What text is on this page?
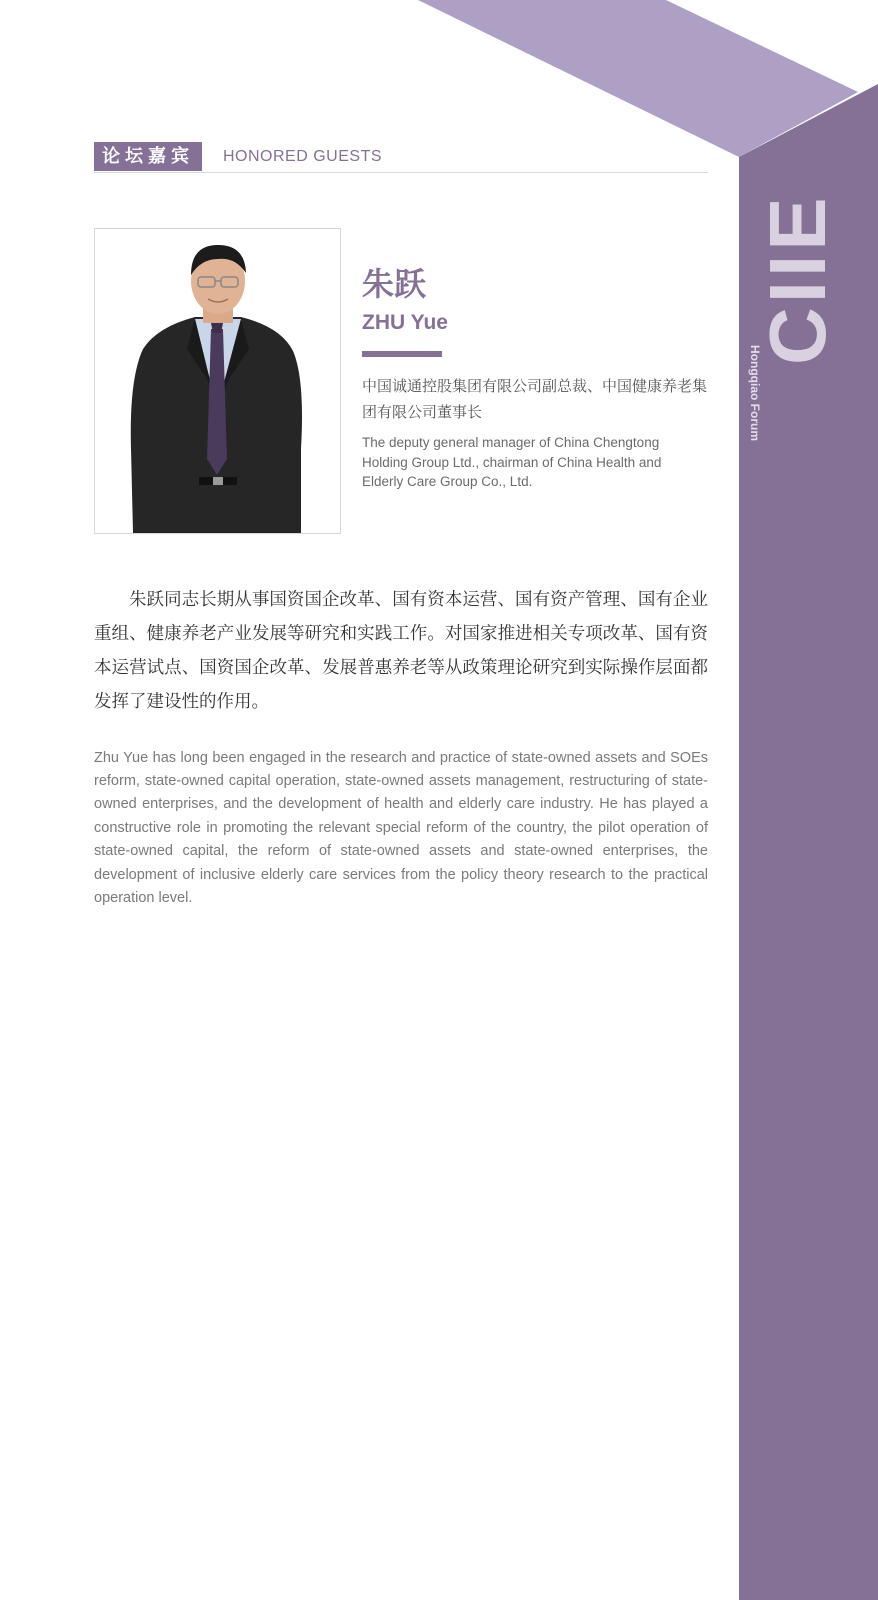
CIIE
Hongqiao Forum
论坛嘉宾	HONORED GUESTS
朱跃
ZHU Yue
中国诚通控股集团有限公司副总裁、中国健康养老集团有限公司董事长
The deputy general manager of China Chengtong Holding Group Ltd., chairman of China Health and Elderly Care Group Co., Ltd.

朱跃同志长期从事国资国企改革、国有资本运营、国有资产管理、国有企业重组、健康养老产业发展等研究和实践工作。对国家推进相关专项改革、国有资本运营试点、国资国企改革、发展普惠养老等从政策理论研究到实际操作层面都发挥了建设性的作用。

Zhu Yue has long been engaged in the research and practice of state-owned assets and SOEs reform, state-owned capital operation, state-owned assets management, restructuring of state-owned enterprises, and the development of health and elderly care industry. He has played a constructive role in promoting the relevant special reform of the country, the pilot operation of state-owned capital, the reform of state-owned assets and state-owned enterprises, the development of inclusive elderly care services from the policy theory research to the practical operation level.
